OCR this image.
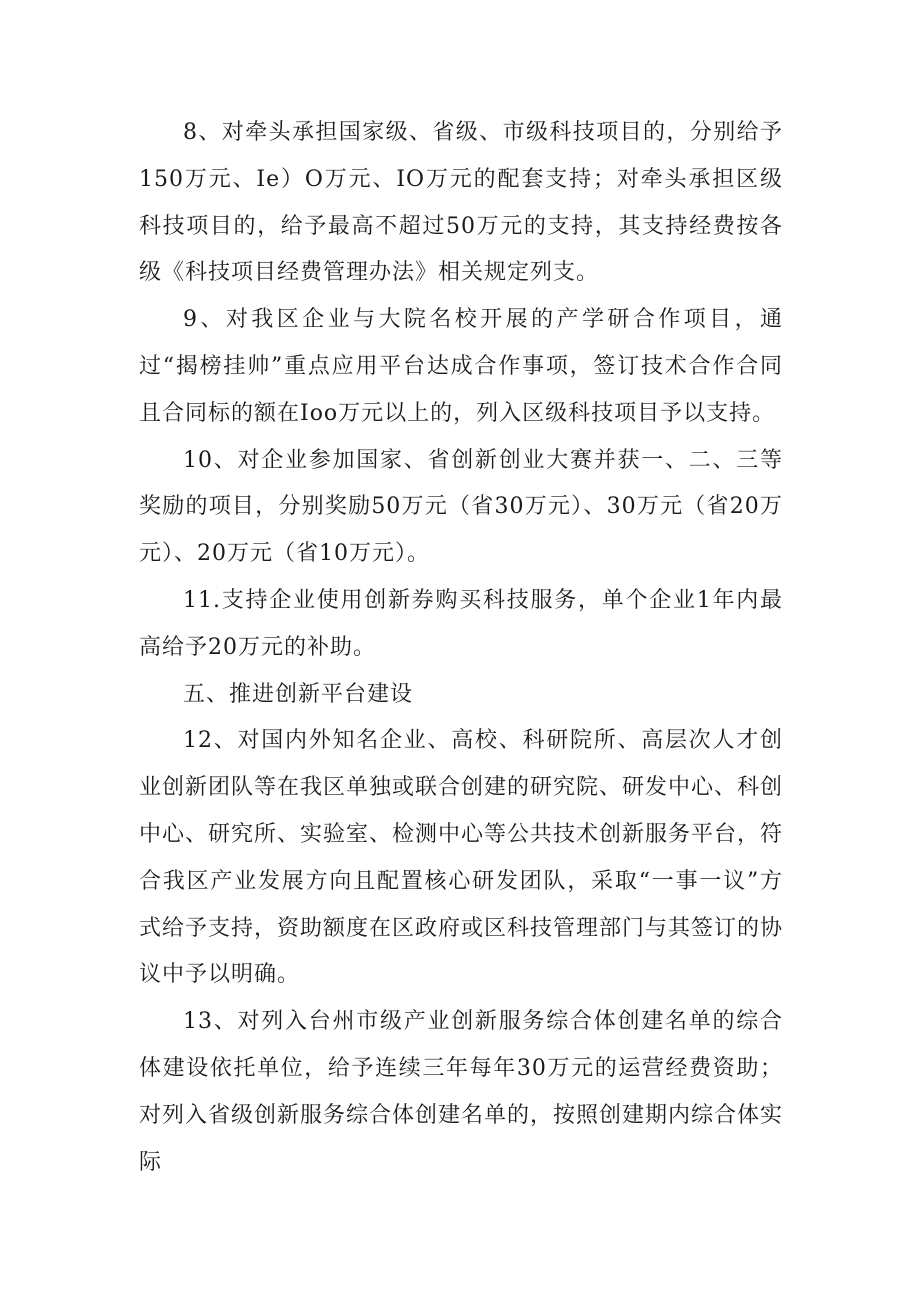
8、对牵头承担国家级、省级、市级科技项目的，分别给予150万元、Ie）O万元、IO万元的配套支持；对牵头承担区级科技项目的，给予最高不超过50万元的支持，其支持经费按各级《科技项目经费管理办法》相关规定列支。

9、对我区企业与大院名校开展的产学研合作项目，通过“揭榜挂帅”重点应用平台达成合作事项，签订技术合作合同且合同标的额在Ioo万元以上的，列入区级科技项目予以支持。

10、对企业参加国家、省创新创业大赛并获一、二、三等奖励的项目，分别奖励50万元（省30万元）、30万元（省20万元）、20万元（省10万元）。

11.支持企业使用创新券购买科技服务，单个企业1年内最高给予20万元的补助。

五、推进创新平台建设

12、对国内外知名企业、高校、科研院所、高层次人才创业创新团队等在我区单独或联合创建的研究院、研发中心、科创中心、研究所、实验室、检测中心等公共技术创新服务平台，符合我区产业发展方向且配置核心研发团队，采取“一事一议”方式给予支持，资助额度在区政府或区科技管理部门与其签订的协议中予以明确。

13、对列入台州市级产业创新服务综合体创建名单的综合体建设依托单位，给予连续三年每年30万元的运营经费资助；对列入省级创新服务综合体创建名单的，按照创建期内综合体实际
